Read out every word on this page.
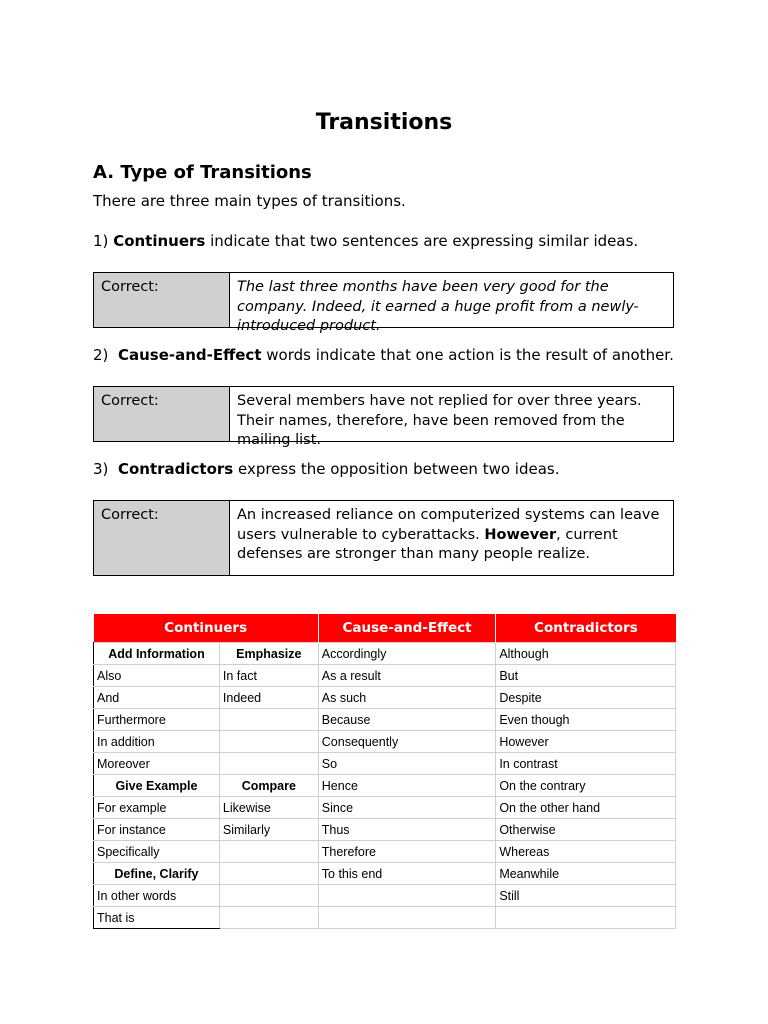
Transitions
A. Type of Transitions
There are three main types of transitions.
1) Continuers indicate that two sentences are expressing similar ideas.
Correct:	The last three months have been very good for the company. Indeed, it earned a huge profit from a newly-introduced product.
2) Cause-and-Effect words indicate that one action is the result of another.
Correct:	Several members have not replied for over three years. Their names, therefore, have been removed from the mailing list.
3) Contradictors express the opposition between two ideas.
Correct:	An increased reliance on computerized systems can leave users vulnerable to cyberattacks. However, current defenses are stronger than many people realize.
Continuers		Cause-and-Effect	Contradictors
Add Information	Emphasize	Accordingly	Although
Also	In fact	As a result	But
And	Indeed	As such	Despite
Furthermore		Because	Even though
In addition		Consequently	However
Moreover		So	In contrast
Give Example	Compare	Hence	On the contrary
For example	Likewise	Since	On the other hand
For instance	Similarly	Thus	Otherwise
Specifically		Therefore	Whereas
Define, Clarify		To this end	Meanwhile
In other words			Still
That is			
